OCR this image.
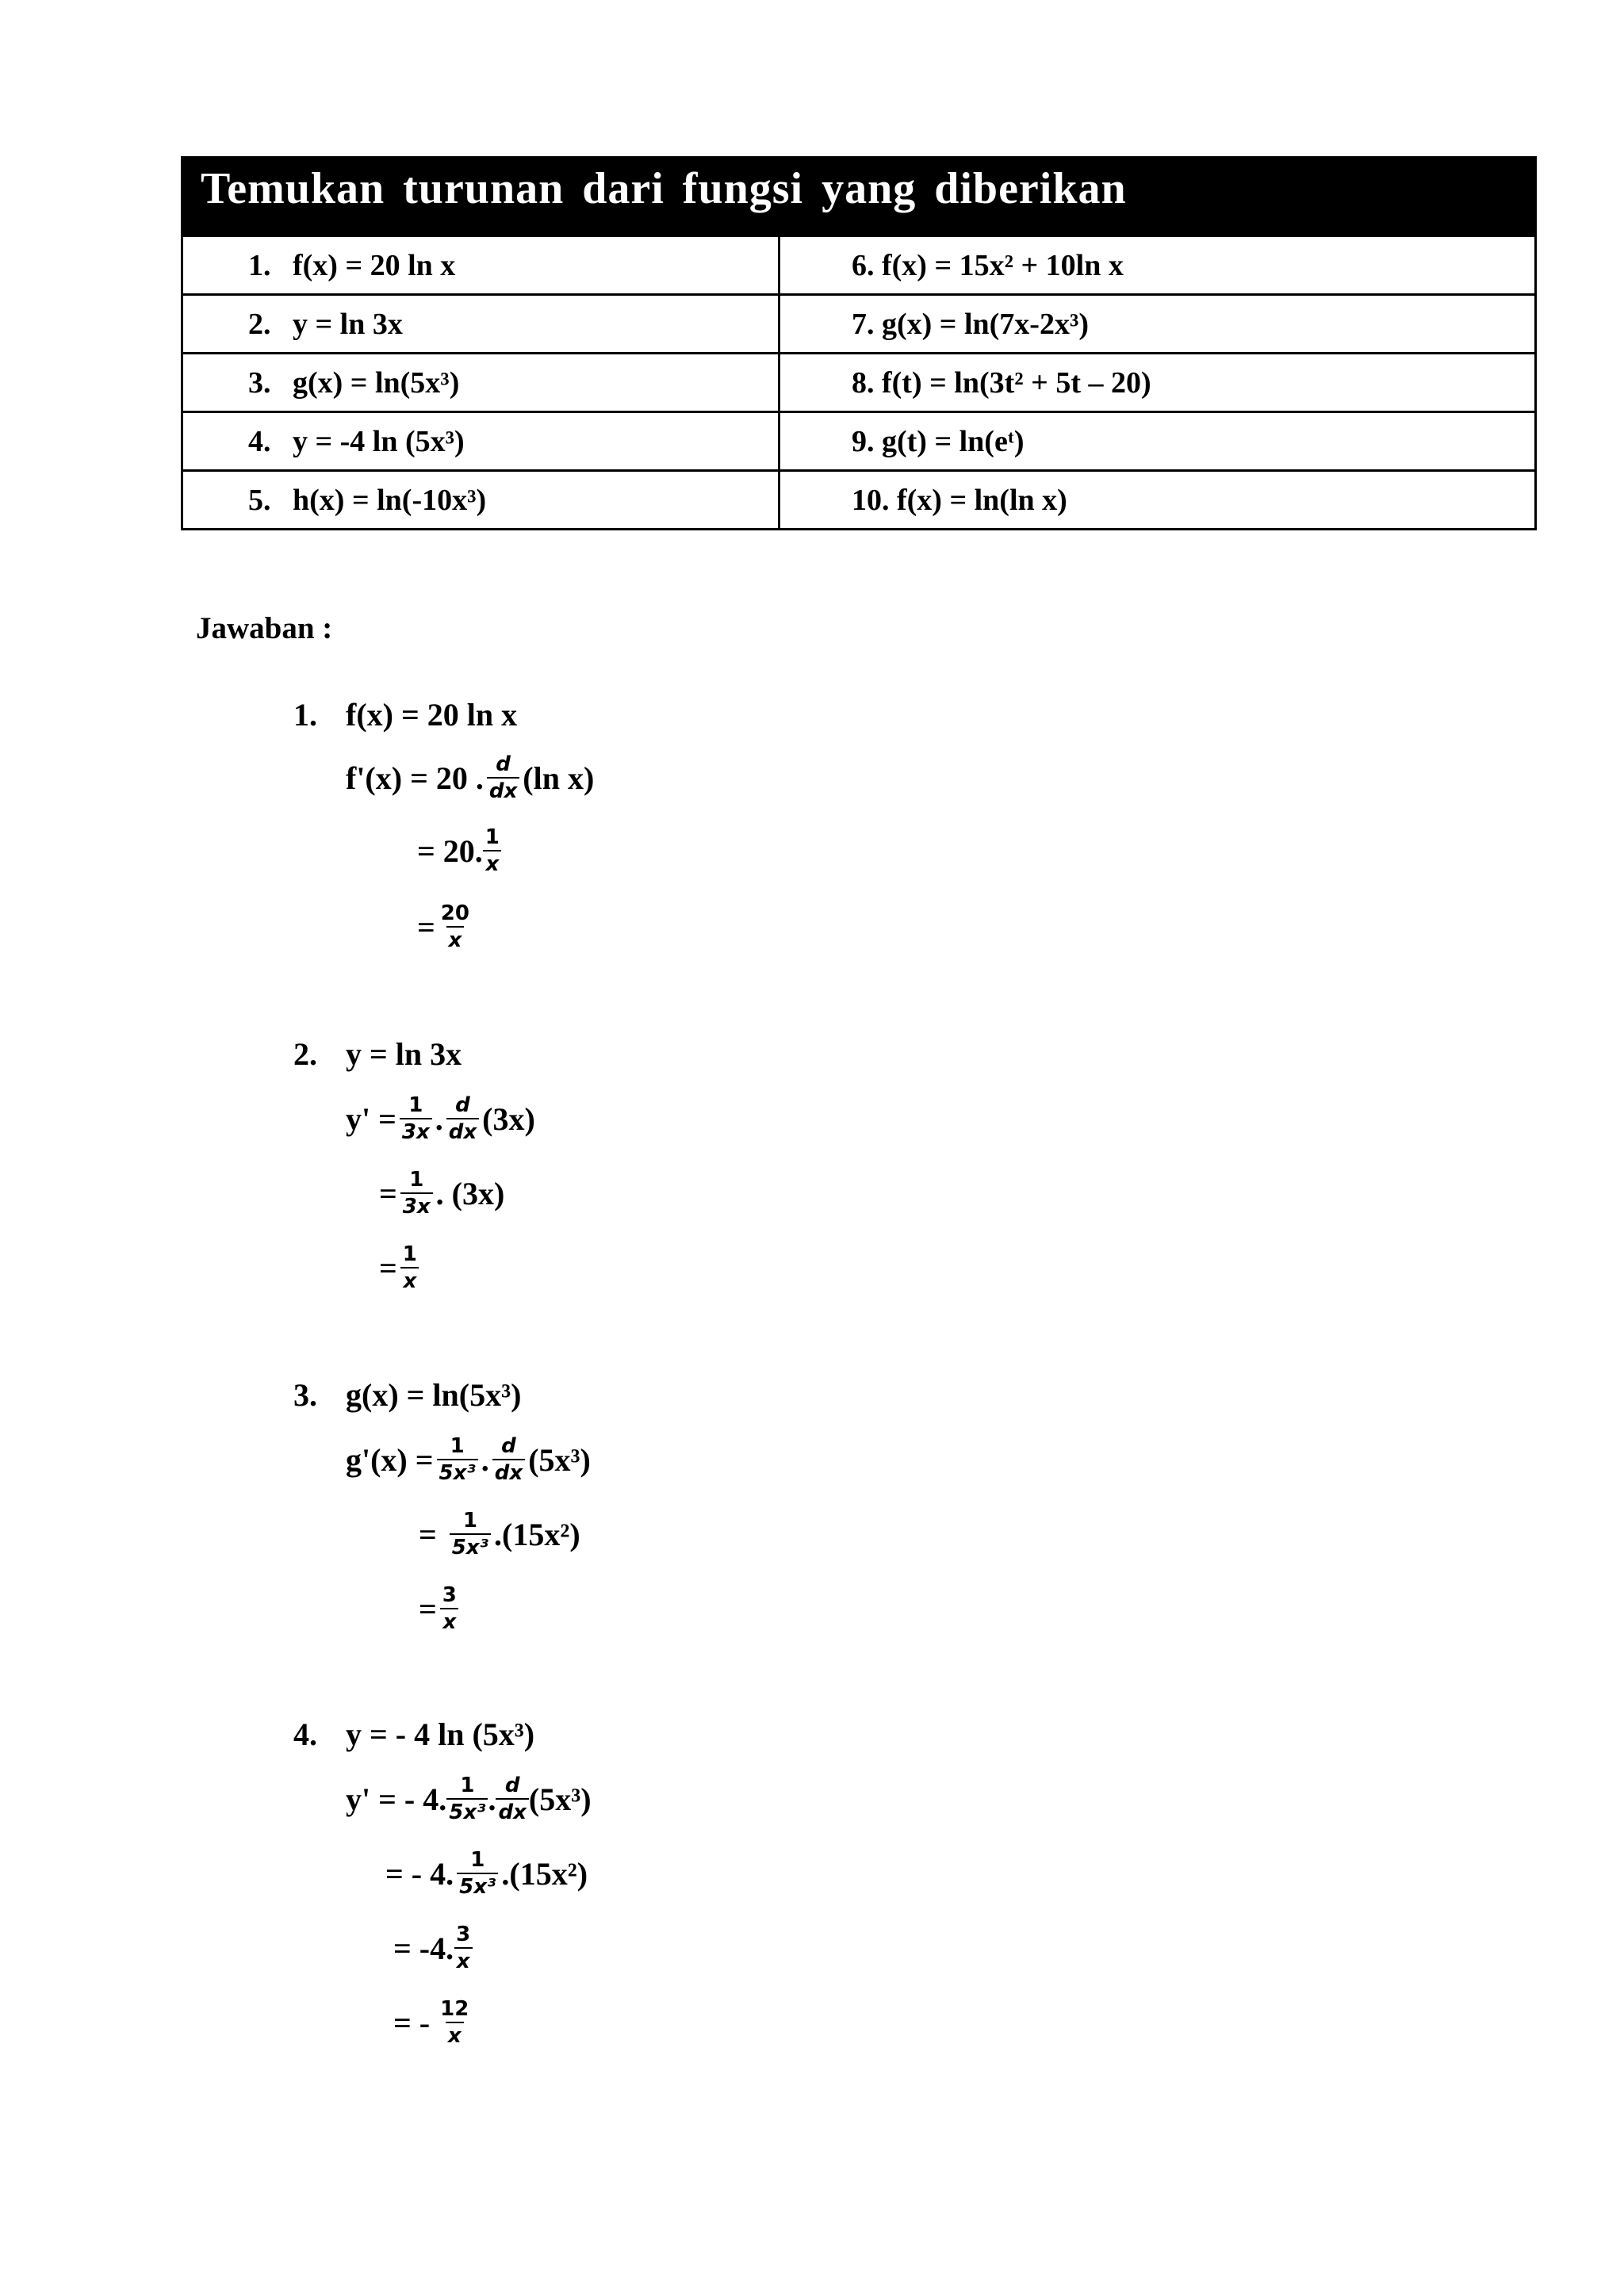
Temukan turunan dari fungsi yang diberikan	

1. f(x) = 20 ln x	6. f(x) = 15x² + 10ln x

2. y = ln 3x	7. g(x) = ln(7x-2x³)

3. g(x) = ln(5x³)	8. f(t) = ln(3t² + 5t – 20)

4. y = -4 ln (5x³)	9. g(t) = ln(eᵗ)

5. h(x) = ln(-10x³)	10. f(x) = ln(ln x)
Jawaban :
1. f(x) = 20 ln x
f'(x) = 20 . $\frac{d}{dx} (\ln$ x)
= 20. $\frac{1}{x}$
= $\frac{20}{x}$
2. y = ln 3x
$y' = \frac{1}{3x}$ . $\frac{d}{dx} (3x)$
= $\frac{1}{3x}$ . (3x)
= $\frac{1}{x}$
3. g(x) = ln(5x³)
$g'(x) = \frac{1}{\text{5x³}}$ . $\frac{d}{dx} (5x^3)$
= $\frac{1}{\text{5x³}} .(15x^2)$
= $\frac{3}{x}$
4. y = - 4 ln (5x³)
y' = - 4. $\frac{1}{\text{5x³}}$ . $\frac{d}{dx} (5x^3)$
= - 4. $\frac{1}{\text{5x³}} .(15x^2)$
= -4. $\frac{3}{x}$
= - $\frac{12}{x}$
